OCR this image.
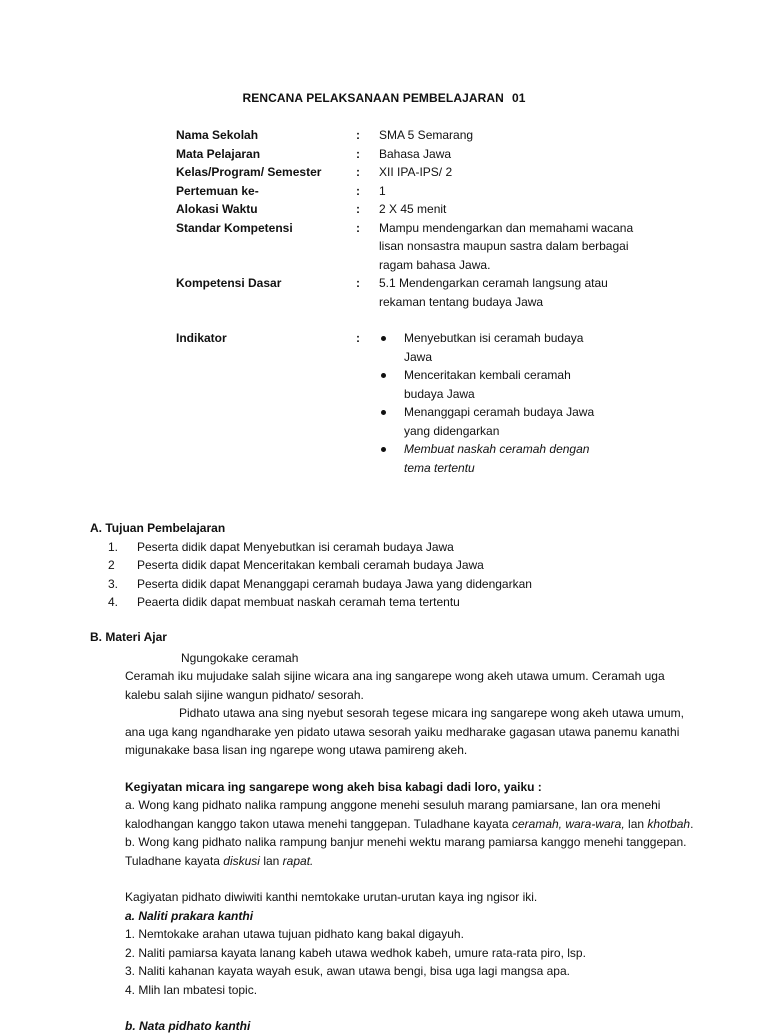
RENCANA PELAKSANAAN PEMBELAJARAN 01
Nama Sekolah	:	SMA 5 Semarang
Mata Pelajaran	:	Bahasa Jawa
Kelas/Program/ Semester	:	XII IPA-IPS/ 2
Pertemuan ke-	:	1
Alokasi Waktu	:	2 X 45 menit
Standar Kompetensi	:	Mampu mendengarkan dan memahami wacana lisan nonsastra maupun sastra dalam berbagai ragam bahasa Jawa.
Kompetensi Dasar	:	5.1 Mendengarkan ceramah langsung atau rekaman tentang budaya Jawa
Indikator	:	Menyebutkan isi ceramah budaya Jawa
Menceritakan kembali ceramah budaya Jawa
Menanggapi ceramah budaya Jawa yang didengarkan
Membuat naskah ceramah dengan tema tertentu
A. Tujuan Pembelajaran
1. Peserta didik dapat Menyebutkan isi ceramah budaya Jawa
2 Peserta didik dapat Menceritakan kembali ceramah budaya Jawa
3. Peserta didik dapat Menanggapi ceramah budaya Jawa yang didengarkan
4. Peaerta didik dapat membuat naskah ceramah tema tertentu
B. Materi Ajar
Ngungokake ceramah
Ceramah iku mujudake salah sijine wicara ana ing sangarepe wong akeh utawa umum. Ceramah uga kalebu salah sijine wangun pidhato/ sesorah.
Pidhato utawa ana sing nyebut sesorah tegese micara ing sangarepe wong akeh utawa umum, ana uga kang ngandharake yen pidato utawa sesorah yaiku medharake gagasan utawa panemu kanathi migunakake basa lisan ing ngarepe wong utawa pamireng akeh.
Kegiyatan micara ing sangarepe wong akeh bisa kabagi dadi loro, yaiku :
a. Wong kang pidhato nalika rampung anggone menehi sesuluh marang pamiarsane, lan ora menehi kalodhangan kanggo takon utawa menehi tanggepan. Tuladhane kayata ceramah, wara-wara, lan khotbah.
b. Wong kang pidhato nalika rampung banjur menehi wektu marang pamiarsa kanggo menehi tanggepan. Tuladhane kayata diskusi lan rapat.
Kagiyatan pidhato diwiwiti kanthi nemtokake urutan-urutan kaya ing ngisor iki.
a. Naliti prakara kanthi
1. Nemtokake arahan utawa tujuan pidhato kang bakal digayuh.
2. Naliti pamiarsa kayata lanang kabeh utawa wedhok kabeh, umure rata-rata piro, lsp.
3. Naliti kahanan kayata wayah esuk, awan utawa bengi, bisa uga lagi mangsa apa.
4. Mlih lan mbatesi topic.
b. Nata pidhato kanthi
